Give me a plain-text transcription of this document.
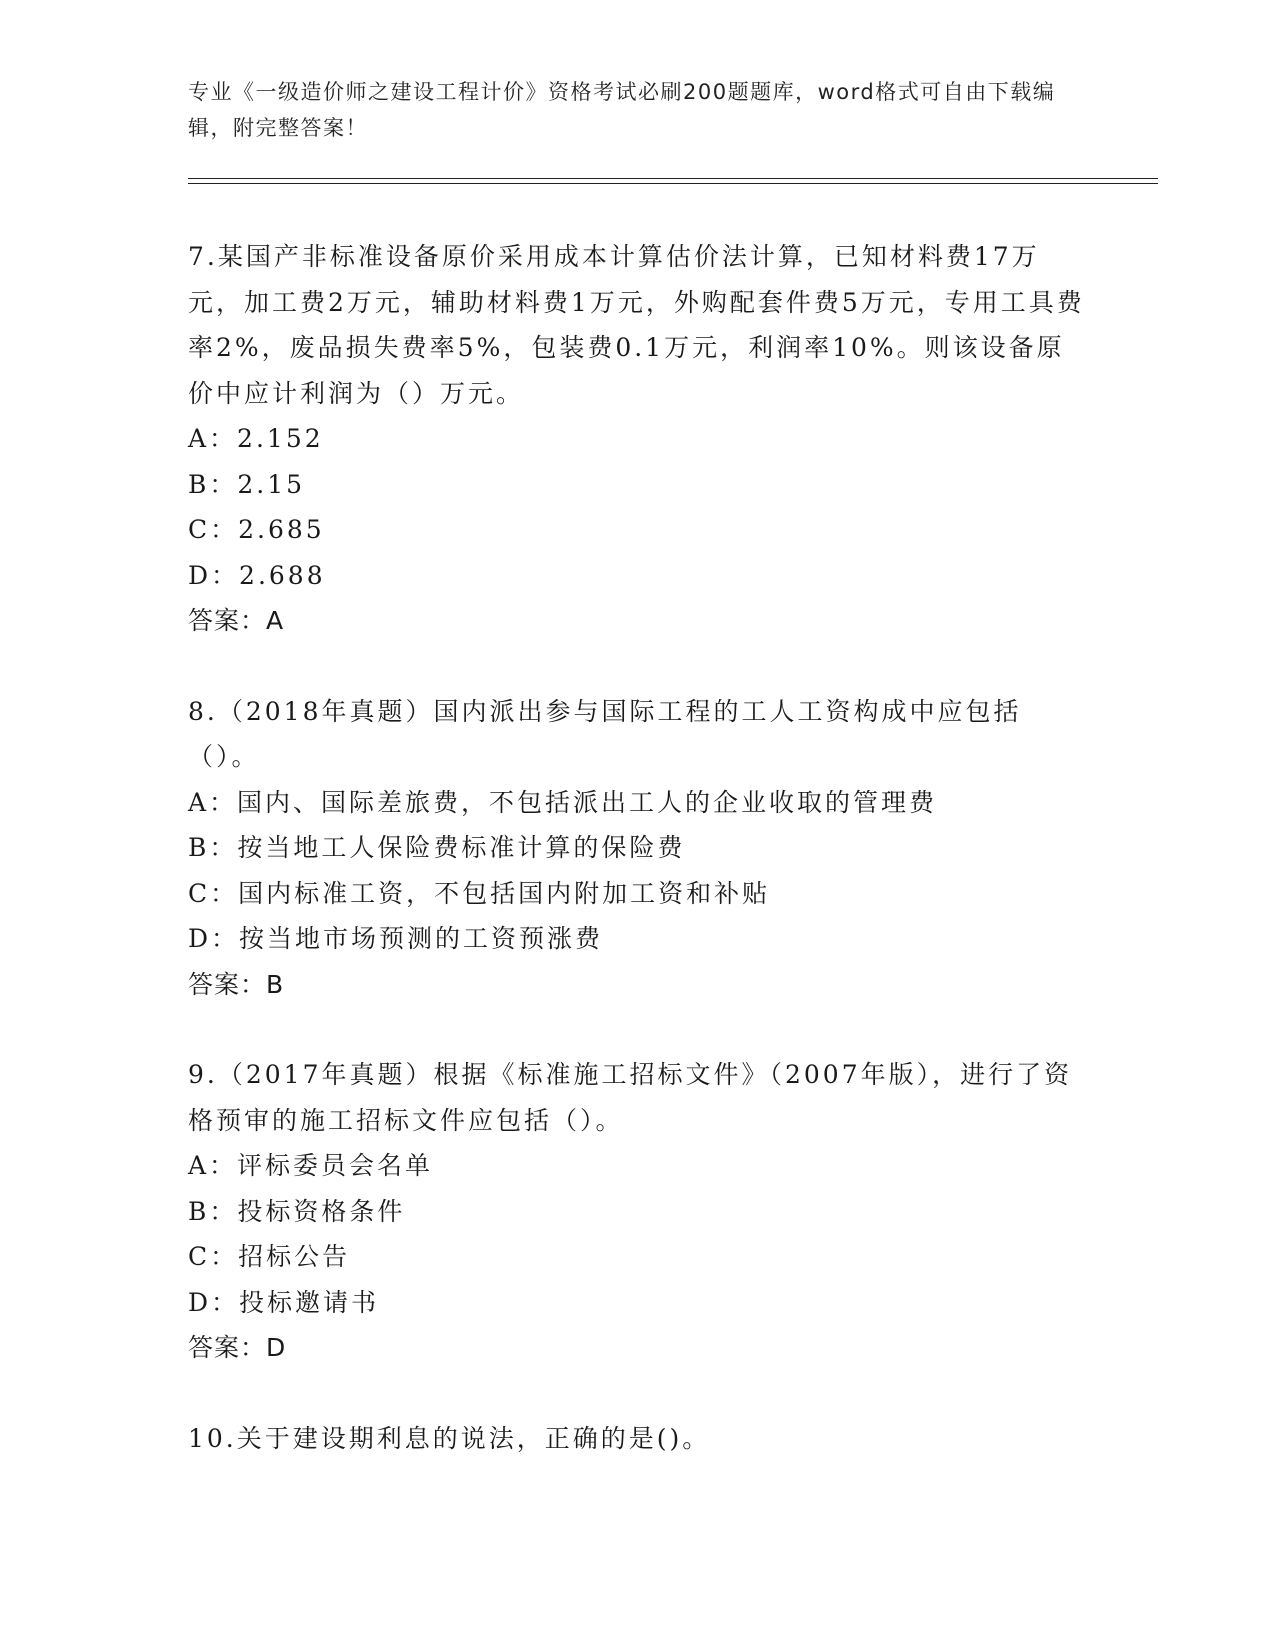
专业《一级造价师之建设工程计价》资格考试必刷200题题库，word格式可自由下载编辑，附完整答案！

7.某国产非标准设备原价采用成本计算估价法计算，已知材料费17万元，加工费2万元，辅助材料费1万元，外购配套件费5万元，专用工具费率2%，废品损失费率5%，包装费0.1万元，利润率10%。则该设备原价中应计利润为（）万元。

A：2.152

B：2.15

C：2.685

D：2.688

答案：A

8.（2018年真题）国内派出参与国际工程的工人工资构成中应包括（）。

A：国内、国际差旅费，不包括派出工人的企业收取的管理费

B：按当地工人保险费标准计算的保险费

C：国内标准工资，不包括国内附加工资和补贴

D：按当地市场预测的工资预涨费

答案：B

9.（2017年真题）根据《标准施工招标文件》（2007年版），进行了资格预审的施工招标文件应包括（）。

A：评标委员会名单

B：投标资格条件

C：招标公告

D：投标邀请书

答案：D

10.关于建设期利息的说法，正确的是()。
